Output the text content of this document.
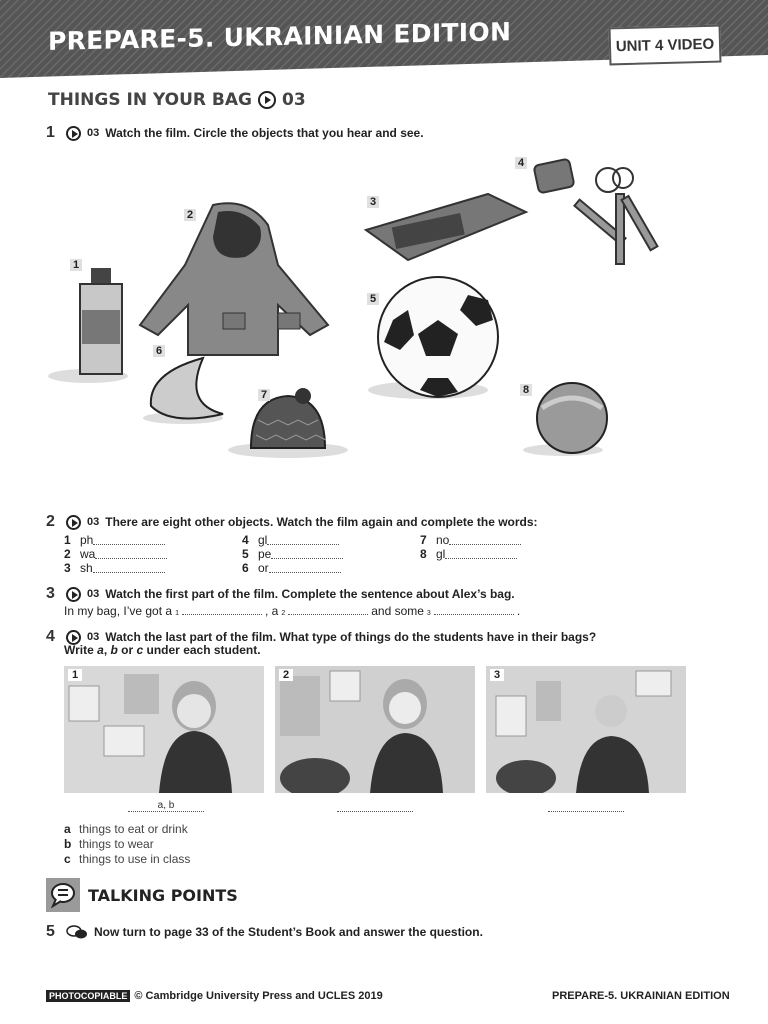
PREPARE-5. UKRAINIAN EDITION	UNIT 4 VIDEO
THINGS IN YOUR BAG 03
1	03 Watch the film. Circle the objects that you hear and see.
1
2
3
4
5
6
7	8
2	03 There are eight other objects. Watch the film again and complete the words:
1 ph	4 gl	7 no
2 wa	5 pe	8 gl
3 sh	6 or
3	03 Watch the first part of the film. Complete the sentence about Alex’s bag.
In my bag, I’ve got a $_1$	, a $_2$	and some $_3$	.
4	03 Watch the last part of the film. What type of things do the students have in their bags?
Write a, b or c under each student.
1	2	3
a, b
a things to eat or drink
b things to wear
c things to use in class
TALKING POINTS
5	Now turn to page 33 of the Student’s Book and answer the question.
PHOTOCOPIABLE © Cambridge University Press and UCLES 2019	PREPARE-5. UKRAINIAN EDITION
